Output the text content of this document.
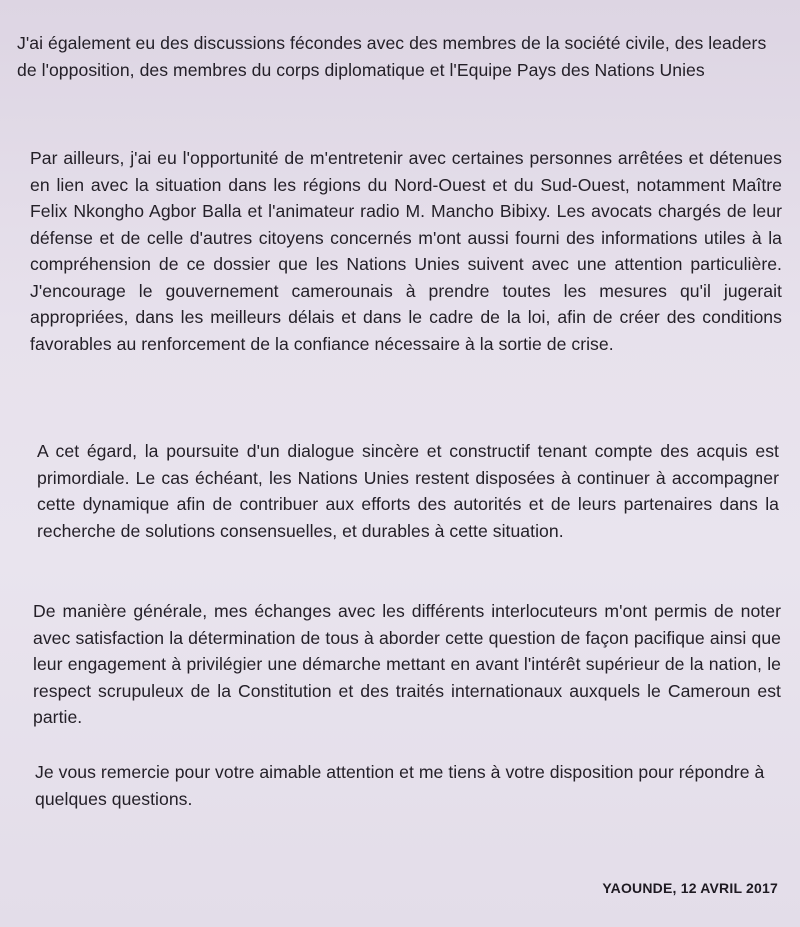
J'ai également eu des discussions fécondes avec des membres de la société civile, des leaders de l'opposition, des membres du corps diplomatique et l'Equipe Pays des Nations Unies

Par ailleurs, j'ai eu l'opportunité de m'entretenir avec certaines personnes arrêtées et détenues en lien avec la situation dans les régions du Nord-Ouest et du Sud-Ouest, notamment Maître Felix Nkongho Agbor Balla et l'animateur radio M. Mancho Bibixy. Les avocats chargés de leur défense et de celle d'autres citoyens concernés m'ont aussi fourni des informations utiles à la compréhension de ce dossier que les Nations Unies suivent avec une attention particulière. J'encourage le gouvernement camerounais à prendre toutes les mesures qu'il jugerait appropriées, dans les meilleurs délais et dans le cadre de la loi, afin de créer des conditions favorables au renforcement de la confiance nécessaire à la sortie de crise.

A cet égard, la poursuite d'un dialogue sincère et constructif tenant compte des acquis est primordiale. Le cas échéant, les Nations Unies restent disposées à continuer à accompagner cette dynamique afin de contribuer aux efforts des autorités et de leurs partenaires dans la recherche de solutions consensuelles, et durables à cette situation.

De manière générale, mes échanges avec les différents interlocuteurs m'ont permis de noter avec satisfaction la détermination de tous à aborder cette question de façon pacifique ainsi que leur engagement à privilégier une démarche mettant en avant l'intérêt supérieur de la nation, le respect scrupuleux de la Constitution et des traités internationaux auxquels le Cameroun est partie.

Je vous remercie pour votre aimable attention et me tiens à votre disposition pour répondre à quelques questions.

YAOUNDE, 12 AVRIL 2017
